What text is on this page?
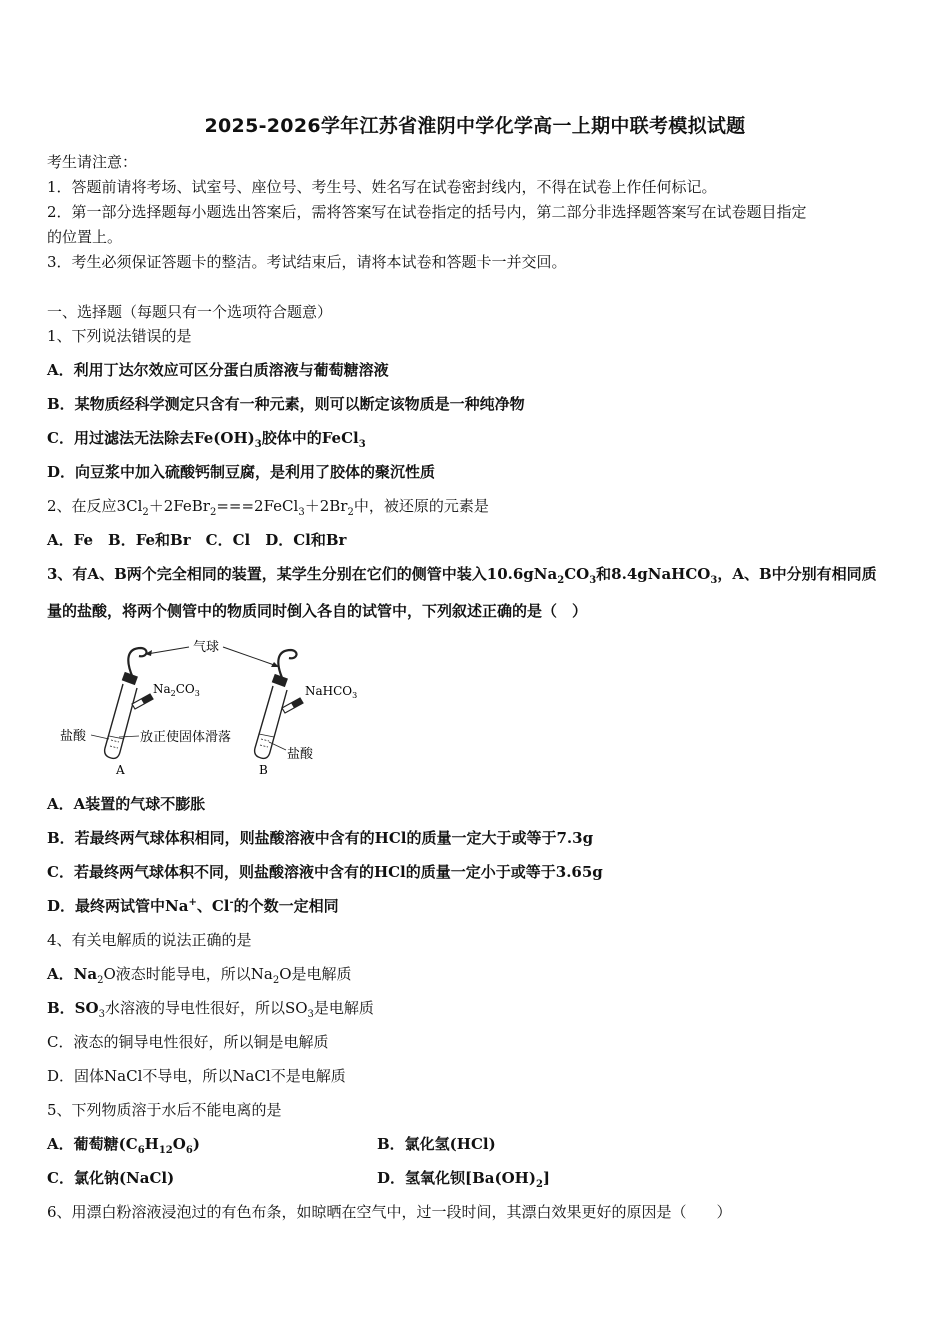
2025-2026学年江苏省淮阴中学化学高一上期中联考模拟试题
考生请注意：
1．答题前请将考场、试室号、座位号、考生号、姓名写在试卷密封线内，不得在试卷上作任何标记。
2．第一部分选择题每小题选出答案后，需将答案写在试卷指定的括号内，第二部分非选择题答案写在试卷题目指定
的位置上。
3．考生必须保证答题卡的整洁。考试结束后，请将本试卷和答题卡一并交回。
一、选择题（每题只有一个选项符合题意）
1、下列说法错误的是
A．利用丁达尔效应可区分蛋白质溶液与葡萄糖溶液
B．某物质经科学测定只含有一种元素，则可以断定该物质是一种纯净物
C．用过滤法无法除去$Fe(OH)_3$胶体中的FeCl$_3$
D．向豆浆中加入硫酸钙制豆腐，是利用了胶体的聚沉性质
2、在反应$3Cl_2+2FeBr_2===2FeCl_3+2Br_2$中，被还原的元素是
A．Fe　B．Fe和Br　C．Cl　D．Cl和Br
3、有A、B两个完全相同的装置，某学生分别在它们的侧管中装入$10.6gNa_2CO_3$和8.4gNaHCO$_3$，A、B中分别有相同质
量的盐酸，将两个侧管中的物质同时倒入各自的试管中，下列叙述正确的是（　）
气球
$Na_2CO_3$
盐酸	放正使固体滑落
A
NaHCO$_3$
盐酸
B
A．A装置的气球不膨胀
B．若最终两气球体积相同，则盐酸溶液中含有的HCl的质量一定大于或等于7.3g
C．若最终两气球体积不同，则盐酸溶液中含有的HCl的质量一定小于或等于3.65g
D．最终两试管中Na+、Cl-的个数一定相同
4、有关电解质的说法正确的是
A．$Na_2O$液态时能导电，所以$Na_2O$是电解质
B．$SO_3$水溶液的导电性很好，所以$SO_3$是电解质
C．液态的铜导电性很好，所以铜是电解质
D．固体NaCl不导电，所以NaCl不是电解质
5、下列物质溶于水后不能电离的是
A．葡萄糖$(C_6H_{12}O_6)$	B．氯化氢(HCl)
C．氯化钠(NaCl)	D．氢氧化钡$[Ba(OH)_2]$
6、用漂白粉溶液浸泡过的有色布条，如晾晒在空气中，过一段时间，其漂白效果更好的原因是（　　）
